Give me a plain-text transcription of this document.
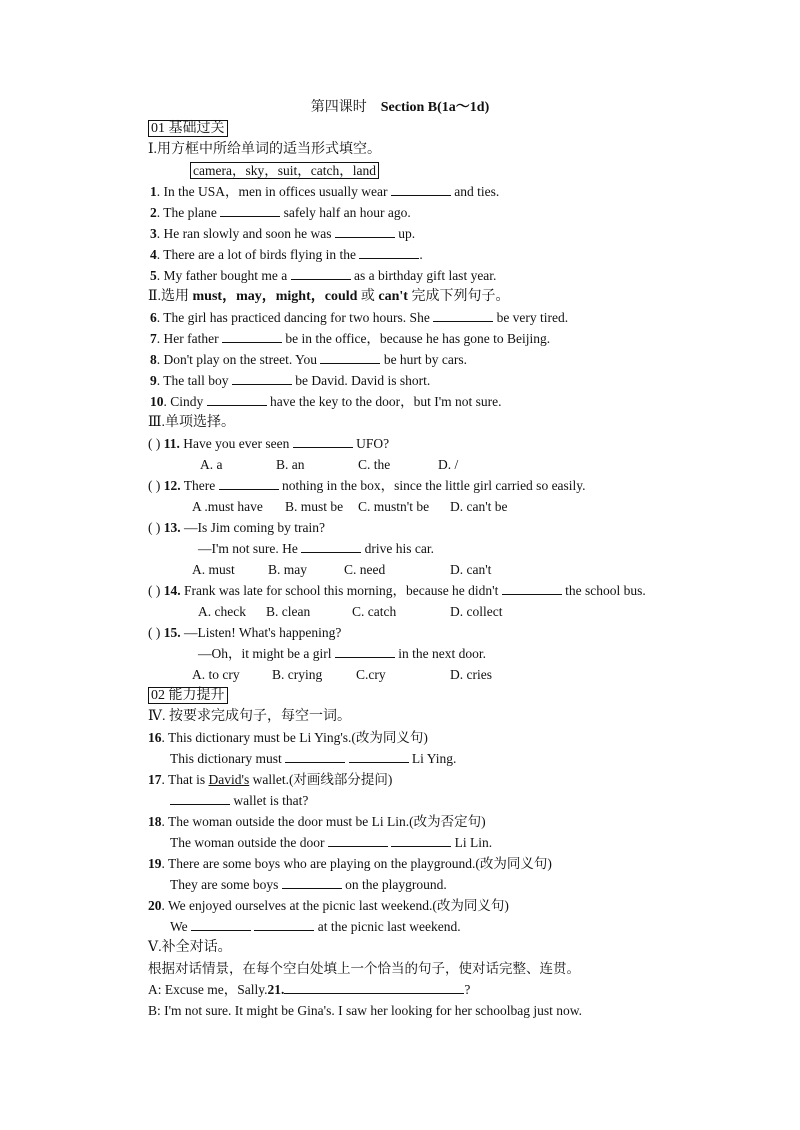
第四课时 Section B(1a～1d)
01 基础过关
Ⅰ.用方框中所给单词的适当形式填空。
camera，sky，suit，catch，land
1. In the USA，men in offices usually wear	and ties.
2. The plane	safely half an hour ago.
3. He ran slowly and soon he was	up.
4. There are a lot of birds flying in the	.
5. My father bought me a	as a birthday gift last year.
Ⅱ.选用 must，may，might，could 或 can't 完成下列句子。
6. The girl has practiced dancing for two hours. She	be very tired.
7. Her father	be in the office，because he has gone to Beijing.
8. Don't play on the street. You	be hurt by cars.
9. The tall boy	be David. David is short.
10. Cindy	have the key to the door，but I'm not sure.
Ⅲ.单项选择。
( ) 11. Have you ever seen	UFO?
A. a	B. an	C. the	D. /
( ) 12. There	nothing in the box，since the little girl carried so easily.
A .must have B. must be C. mustn't be D. can't be
( ) 13. —Is Jim coming by train?
—I'm not sure. He	drive his car.
A. must B. may	C. need	D. can't
( ) 14. Frank was late for school this morning，because he didn't	the school bus.
A. check B. clean	C. catch	D. collect
( ) 15. —Listen! What's happening?
—Oh，it might be a girl	in the next door.
A. to cry B. crying	C.cry	D. cries
02 能力提升
Ⅳ. 按要求完成句子，每空一词。
16. This dictionary must be Li Ying's.(改为同义句)
This dictionary must	Li Ying.
17. That is David's wallet.(对画线部分提问)
wallet is that?
18. The woman outside the door must be Li Lin.(改为否定句)
The woman outside the door	Li Lin.
19. There are some boys who are playing on the playground.(改为同义句)
They are some boys	on the playground.
20. We enjoyed ourselves at the picnic last weekend.(改为同义句)
We	at the picnic last weekend.
Ⅴ.补全对话。
根据对话情景，在每个空白处填上一个恰当的句子，使对话完整、连贯。
A: Excuse me，Sally.21.	?
B: I'm not sure. It might be Gina's. I saw her looking for her schoolbag just now.
